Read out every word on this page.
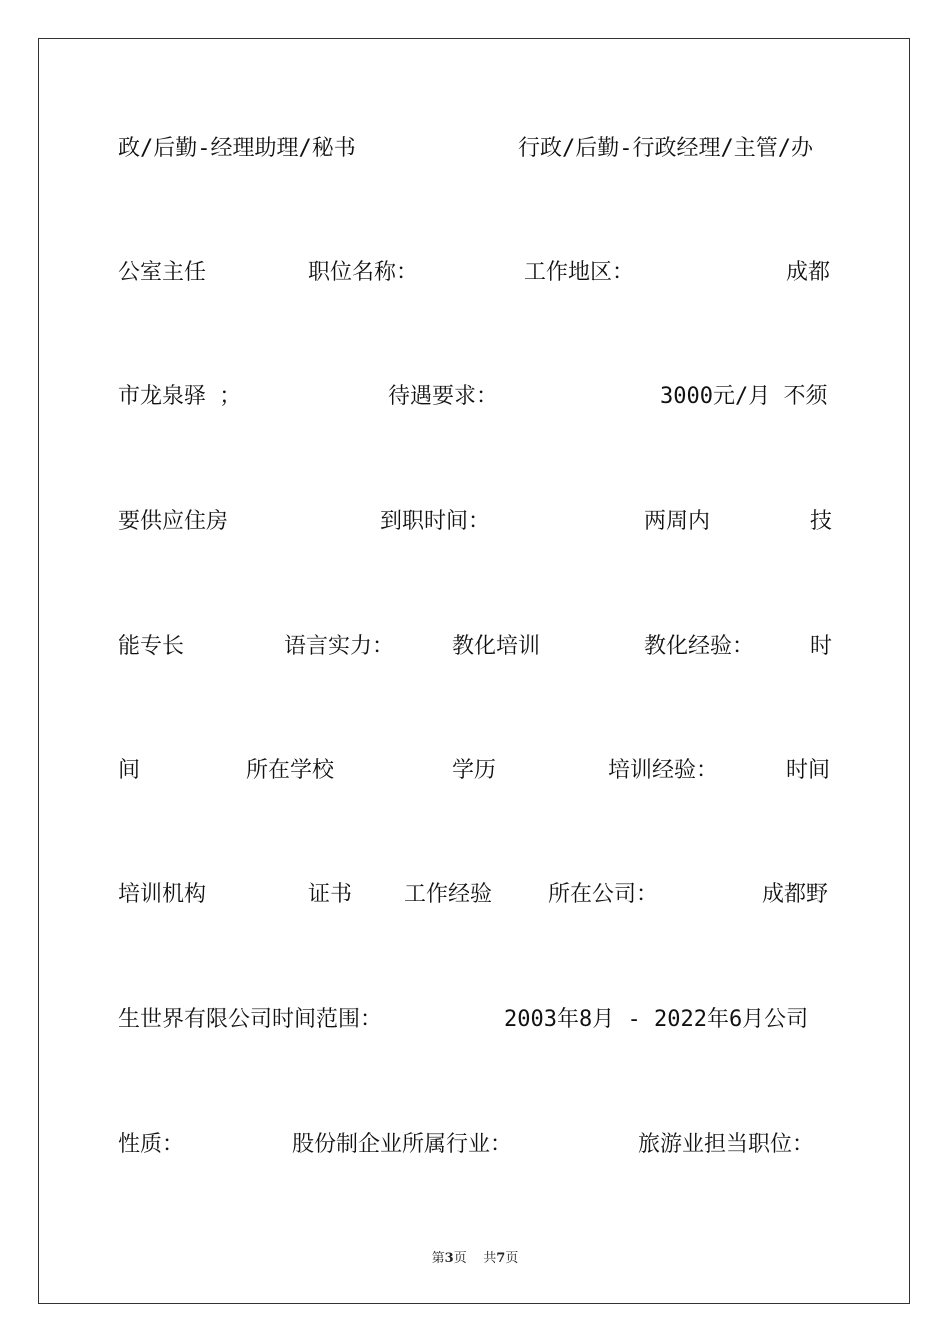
政/后勤-经理助理/秘书	行政/后勤-行政经理/主管/办
公室主任	职位名称：	工作地区：	成都
市龙泉驿 ；	待遇要求：	3000元/月 不须
要供应住房	到职时间：	两周内	技
能专长	语言实力：	教化培训	教化经验：	时
间	所在学校	学历	培训经验：	时间
培训机构	证书 工作经验	所在公司：	成都野
生世界有限公司时间范围：	2003年8月 - 2022年6月公司
性质：	股份制企业所属行业：	旅游业担当职位：
第3页 共7页
